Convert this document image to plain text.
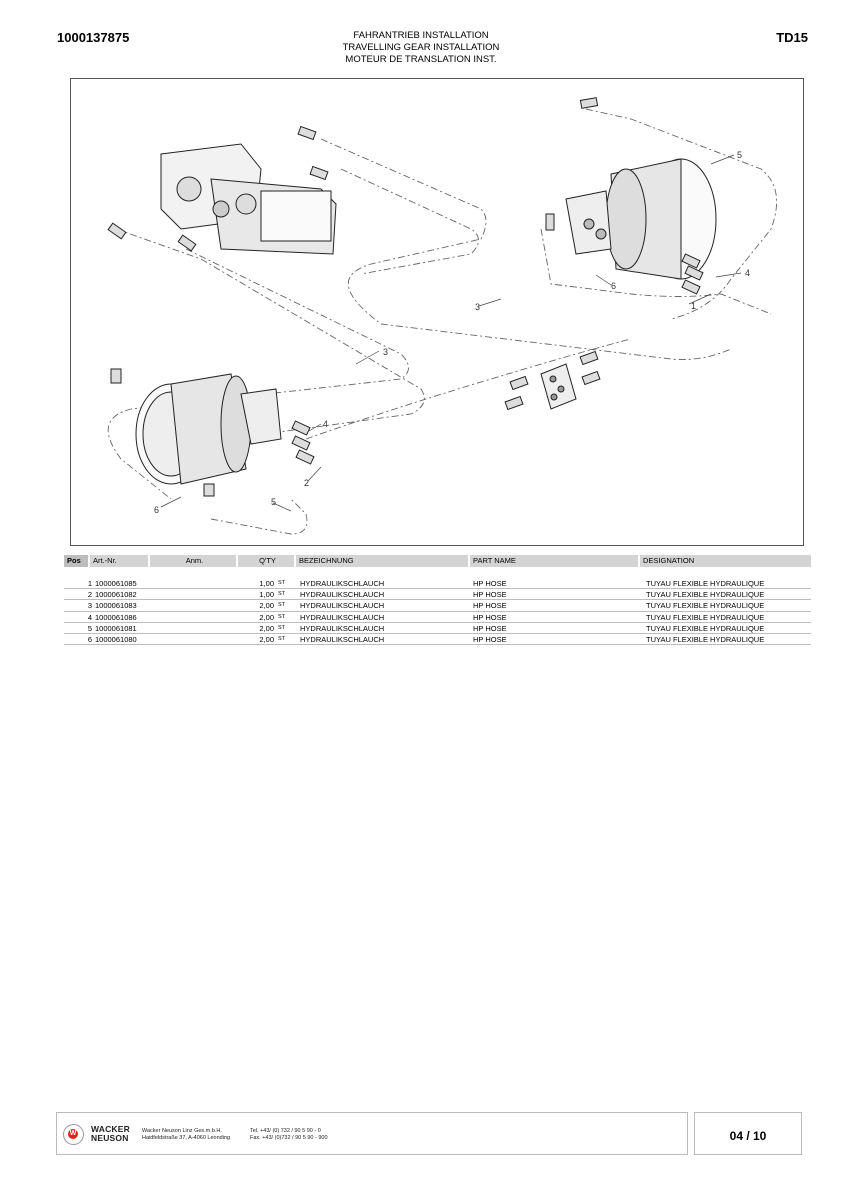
1000137875	FAHRANTRIEB INSTALLATION
TRAVELLING GEAR INSTALLATION
MOTEUR DE TRANSLATION INST.
TD15
5
4
6
1
3
3
4
2
5
6
Pos	Art.-Nr.	Anm.	Q'TY	BEZEICHNUNG	PART NAME	DESIGNATION
1 1000061085	1,00 ST HYDRAULIKSCHLAUCH	HP HOSE	TUYAU FLEXIBLE HYDRAULIQUE
2 1000061082	1,00 ST HYDRAULIKSCHLAUCH	HP HOSE	TUYAU FLEXIBLE HYDRAULIQUE
3 1000061083	2,00 ST HYDRAULIKSCHLAUCH	HP HOSE	TUYAU FLEXIBLE HYDRAULIQUE
4 1000061086	2,00 ST HYDRAULIKSCHLAUCH	HP HOSE	TUYAU FLEXIBLE HYDRAULIQUE
5 1000061081	2,00 ST HYDRAULIKSCHLAUCH	HP HOSE	TUYAU FLEXIBLE HYDRAULIQUE
6 1000061080	2,00 ST HYDRAULIKSCHLAUCH	HP HOSE	TUYAU FLEXIBLE HYDRAULIQUE
W WACKER
NEUSON
Wacker Neuson Linz Ges.m.b.H.
Haidfeldstraße 37, A-4060 Leonding
Tel. +43/ (0) 732 / 90 5 90 - 0
Fax. +43/ (0)732 / 90 5 90 - 900	04 / 10
